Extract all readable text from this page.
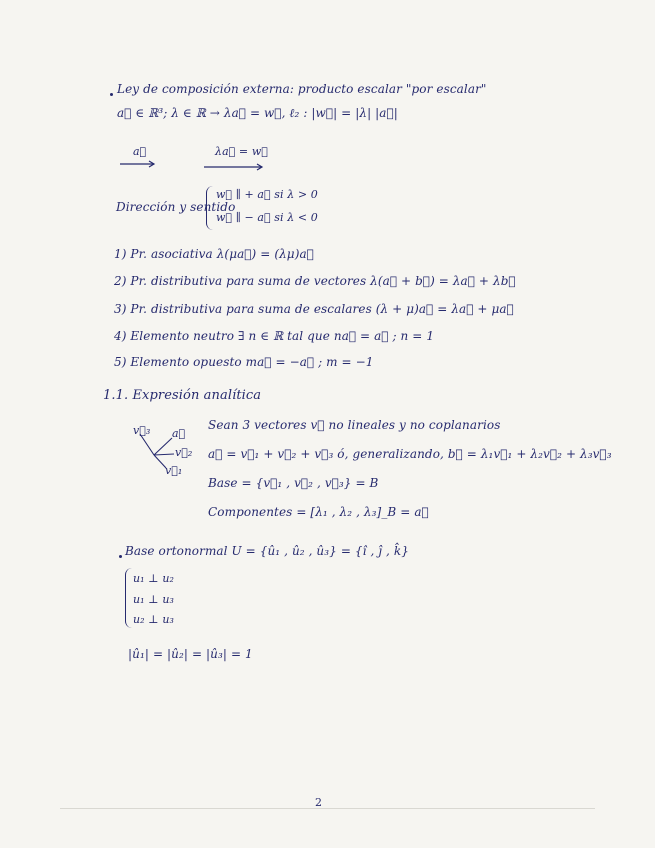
Ley de composición externa: producto escalar "por escalar"
a⃗ ∈ ℝ³; λ ∈ ℝ → λa⃗ = w⃗, ℓ₂ : |w⃗| = |λ| |a⃗|
a⃗	λa⃗ = w⃗
Dirección y sentido
w⃗ ∥ + a⃗ si λ > 0
w⃗ ∥ − a⃗ si λ < 0
1) Pr. asociativa λ(μa⃗) = (λμ)a⃗
2) Pr. distributiva para suma de vectores λ(a⃗ + b⃗) = λa⃗ + λb⃗
3) Pr. distributiva para suma de escalares (λ + μ)a⃗ = λa⃗ + μa⃗
4) Elemento neutro ∃ n ∈ ℝ tal que na⃗ = a⃗ ; n = 1
5) Elemento opuesto ma⃗ = −a⃗ ; m = −1
1.1. Expresión analítica
v⃗₃ a⃗
v⃗₂
v⃗₁
Sean 3 vectores v⃗ no lineales y no coplanarios
a⃗ = v⃗₁ + v⃗₂ + v⃗₃ ó, generalizando, b⃗ = λ₁v⃗₁ + λ₂v⃗₂ + λ₃v⃗₃
Base = {v⃗₁ , v⃗₂ , v⃗₃} = B
Componentes = [λ₁ , λ₂ , λ₃]_B = a⃗
Base ortonormal U = {û₁ , û₂ , û₃} = {î , ĵ , k̂}
u₁ ⊥ u₂
u₁ ⊥ u₃
u₂ ⊥ u₃
|û₁| = |û₂| = |û₃| = 1
2
